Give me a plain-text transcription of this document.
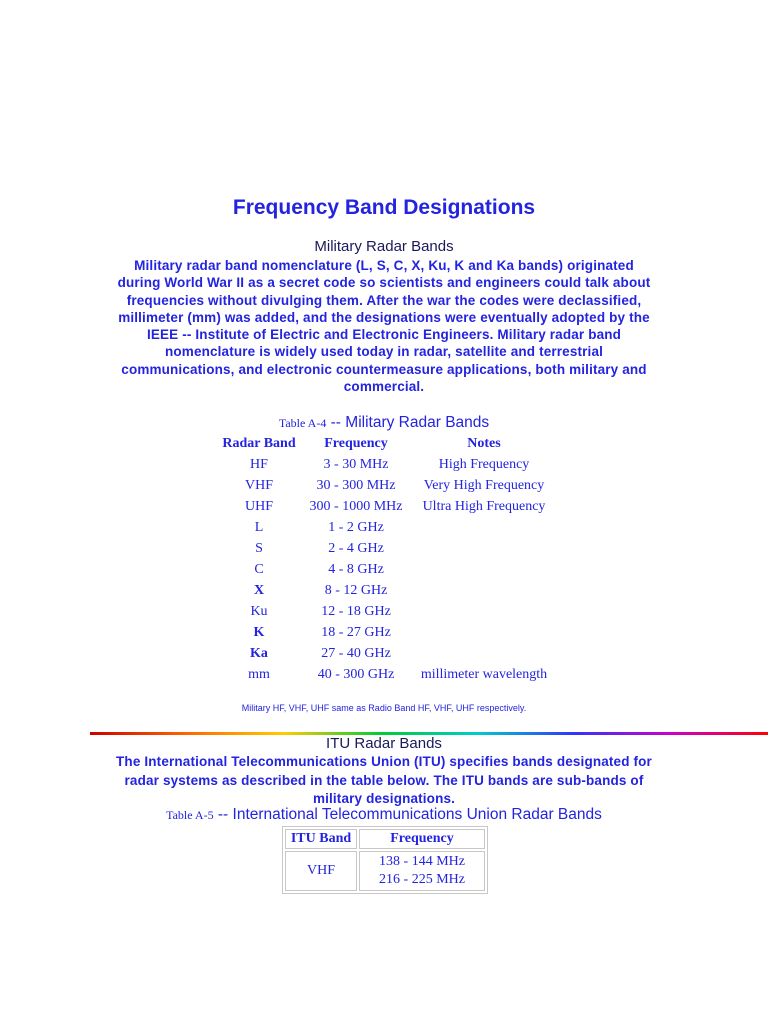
Frequency Band Designations
Military Radar Bands
Military radar band nomenclature (L, S, C, X, Ku, K and Ka bands) originated
during World War II as a secret code so scientists and engineers could talk about
frequencies without divulging them. After the war the codes were declassified,
millimeter (mm) was added, and the designations were eventually adopted by the
IEEE -- Institute of Electric and Electronic Engineers. Military radar band
nomenclature is widely used today in radar, satellite and terrestrial
communications, and electronic countermeasure applications, both military and
commercial.
Table A-4 -- Military Radar Bands
Radar Band	Frequency	Notes
HF	3 - 30 MHz	High Frequency
VHF	30 - 300 MHz	Very High Frequency
UHF	300 - 1000 MHz	Ultra High Frequency
L	1 - 2 GHz	
S	2 - 4 GHz	
C	4 - 8 GHz	
X	8 - 12 GHz	
Ku	12 - 18 GHz	
K	18 - 27 GHz	
Ka	27 - 40 GHz	
mm	40 - 300 GHz	millimeter wavelength
Military HF, VHF, UHF same as Radio Band HF, VHF, UHF respectively.
ITU Radar Bands
The International Telecommunications Union (ITU) specifies bands designated for
radar systems as described in the table below. The ITU bands are sub-bands of
military designations.
Table A-5 -- International Telecommunications Union Radar Bands
ITU Band	Frequency
VHF	138 - 144 MHz
216 - 225 MHz
